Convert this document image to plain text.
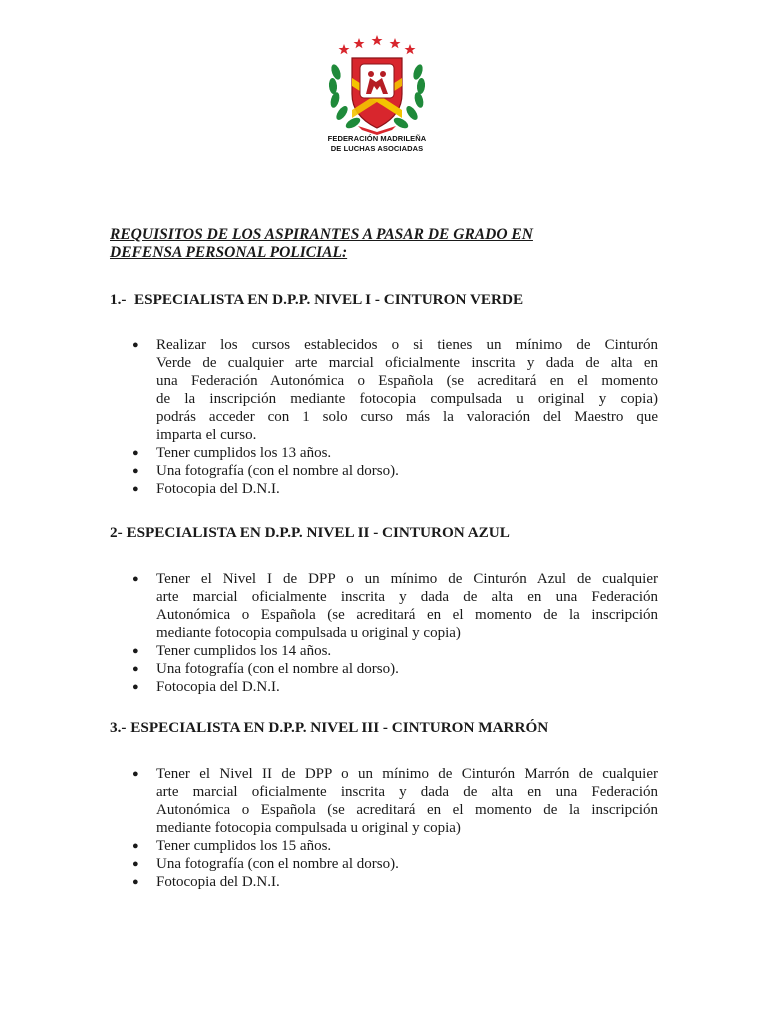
FEDERACIÓN MADRILEÑA
DE LUCHAS ASOCIADAS
REQUISITOS DE LOS ASPIRANTES A PASAR DE GRADO EN
DEFENSA PERSONAL POLICIAL:
1.-  ESPECIALISTA EN D.P.P. NIVEL I - CINTURON VERDE
● Realizar los cursos establecidos o si tienes un mínimo de Cinturón
Verde de cualquier arte marcial oficialmente inscrita y dada de alta en
una Federación Autonómica o Española (se acreditará en el momento
de la inscripción mediante fotocopia compulsada u original y copia)
podrás acceder con 1 solo curso más la valoración del Maestro que
imparta el curso.
● Tener cumplidos los 13 años.
● Una fotografía (con el nombre al dorso).
● Fotocopia del D.N.I.
2- ESPECIALISTA EN D.P.P. NIVEL II - CINTURON AZUL
● Tener el Nivel I de DPP o un mínimo de Cinturón Azul de cualquier
arte marcial oficialmente inscrita y dada de alta en una Federación
Autonómica o Española (se acreditará en el momento de la inscripción
mediante fotocopia compulsada u original y copia)
● Tener cumplidos los 14 años.
● Una fotografía (con el nombre al dorso).
● Fotocopia del D.N.I.
3.- ESPECIALISTA EN D.P.P. NIVEL III - CINTURON MARRÓN
● Tener el Nivel II de DPP o un mínimo de Cinturón Marrón de cualquier
arte marcial oficialmente inscrita y dada de alta en una Federación
Autonómica o Española (se acreditará en el momento de la inscripción
mediante fotocopia compulsada u original y copia)
● Tener cumplidos los 15 años.
● Una fotografía (con el nombre al dorso).
● Fotocopia del D.N.I.
